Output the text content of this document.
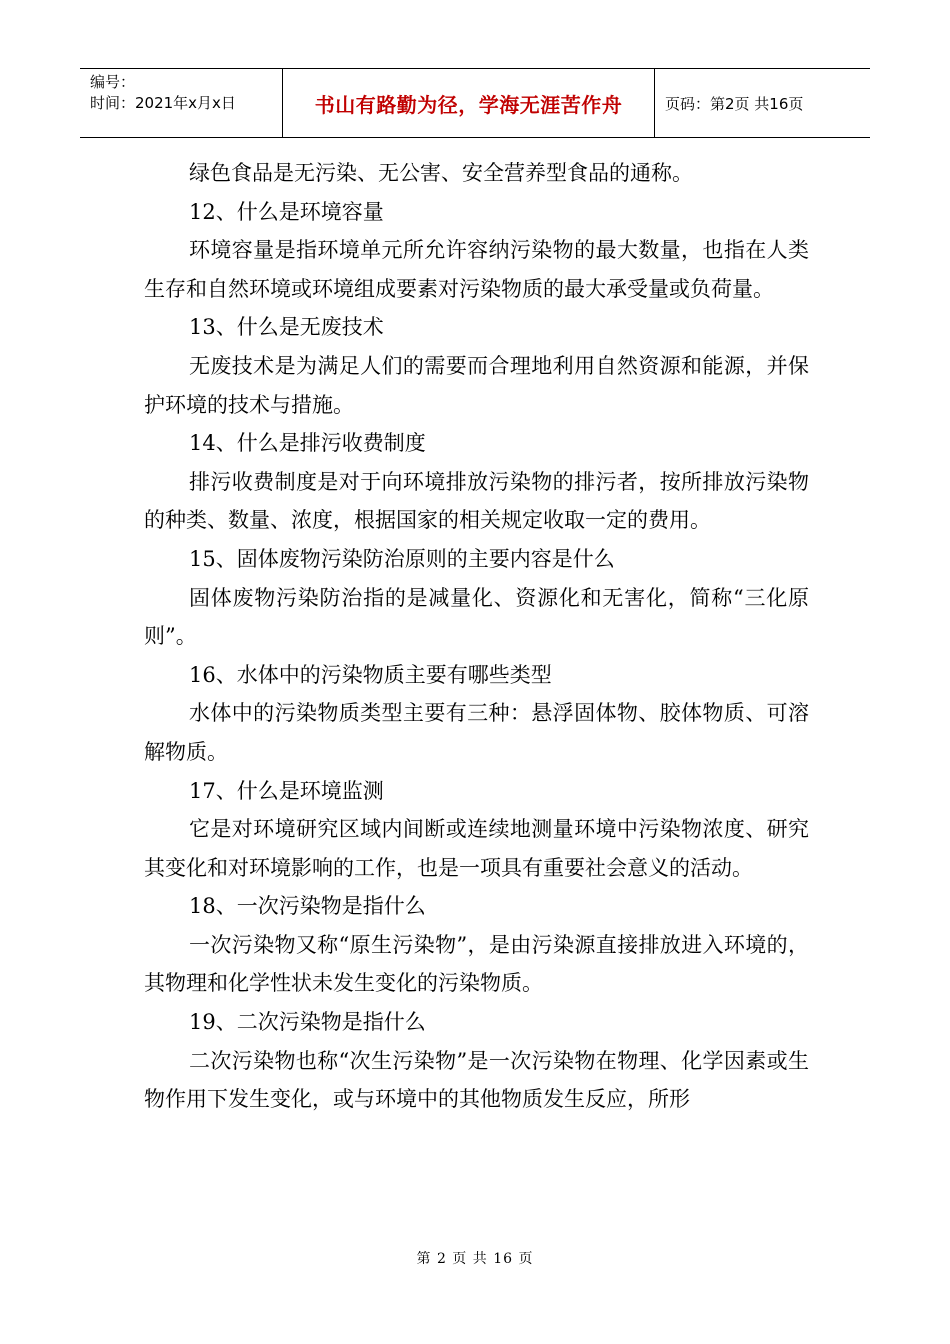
编号：
时间：2021年x月x日	书山有路勤为径，学海无涯苦作舟	页码：第2页 共16页

绿色食品是无污染、无公害、安全营养型食品的通称。

12、什么是环境容量

环境容量是指环境单元所允许容纳污染物的最大数量，也指在人类生存和自然环境或环境组成要素对污染物质的最大承受量或负荷量。

13、什么是无废技术

无废技术是为满足人们的需要而合理地利用自然资源和能源，并保护环境的技术与措施。

14、什么是排污收费制度

排污收费制度是对于向环境排放污染物的排污者，按所排放污染物的种类、数量、浓度，根据国家的相关规定收取一定的费用。

15、固体废物污染防治原则的主要内容是什么

固体废物污染防治指的是减量化、资源化和无害化，简称“三化原则”。

16、水体中的污染物质主要有哪些类型

水体中的污染物质类型主要有三种：悬浮固体物、胶体物质、可溶解物质。

17、什么是环境监测

它是对环境研究区域内间断或连续地测量环境中污染物浓度、研究其变化和对环境影响的工作，也是一项具有重要社会意义的活动。

18、一次污染物是指什么

一次污染物又称“原生污染物”，是由污染源直接排放进入环境的，其物理和化学性状未发生变化的污染物质。

19、二次污染物是指什么

二次污染物也称“次生污染物”是一次污染物在物理、化学因素或生物作用下发生变化，或与环境中的其他物质发生反应，所形

第 2 页 共 16 页
